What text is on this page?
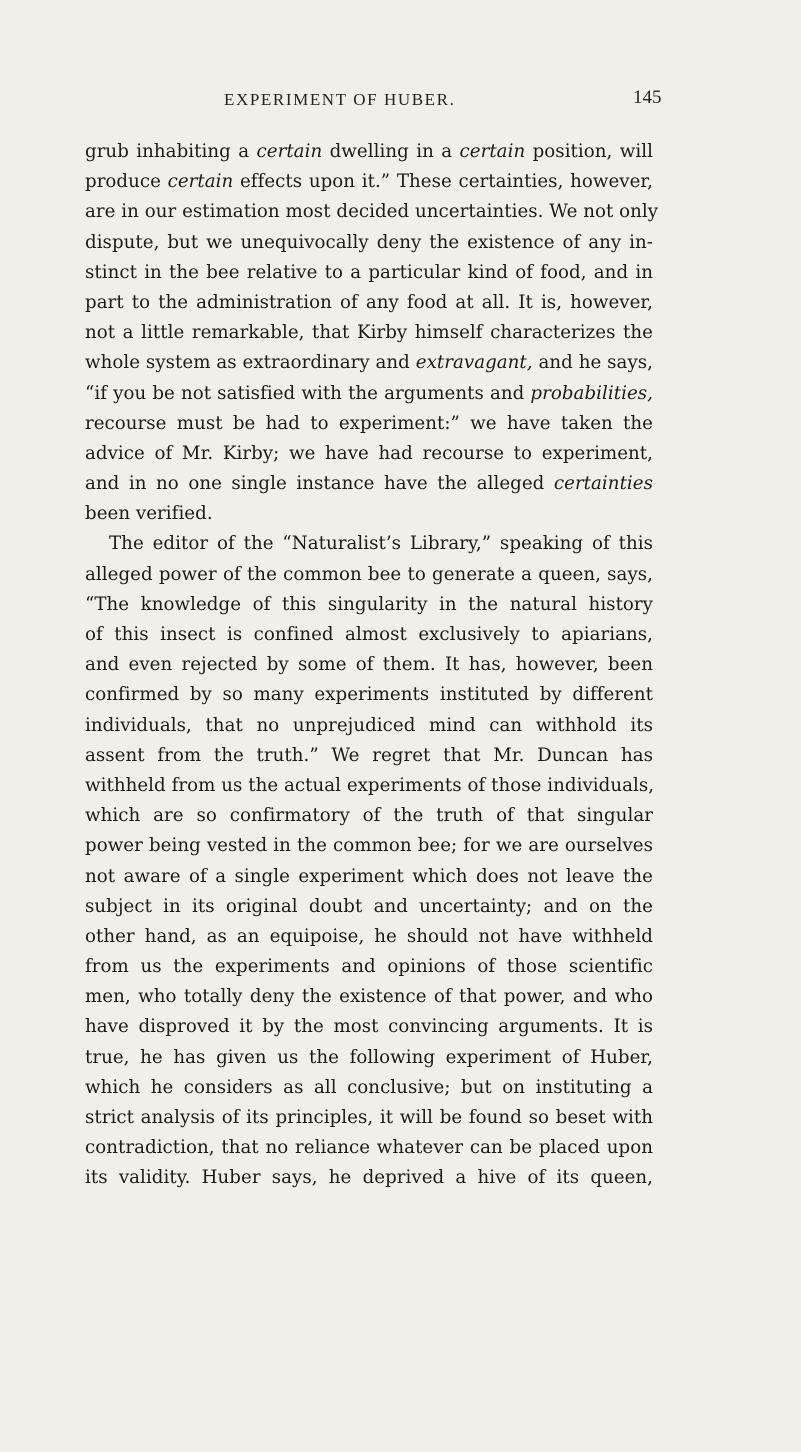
EXPERIMENT OF HUBER.	145
grub inhabiting a certain dwelling in a certain position, will
produce certain effects upon it.” These certainties, however,
are in our estimation most decided uncertainties. We not only
dispute, but we unequivocally deny the existence of any in-
stinct in the bee relative to a particular kind of food, and in
part to the administration of any food at all. It is, however,
not a little remarkable, that Kirby himself characterizes the
whole system as extraordinary and extravagant, and he says,
“if you be not satisfied with the arguments and probabilities,
recourse must be had to experiment:” we have taken the
advice of Mr. Kirby; we have had recourse to experiment,
and in no one single instance have the alleged certainties
been verified.
The editor of the “Naturalist’s Library,” speaking of this
alleged power of the common bee to generate a queen, says,
“The knowledge of this singularity in the natural history
of this insect is confined almost exclusively to apiarians,
and even rejected by some of them. It has, however, been
confirmed by so many experiments instituted by different
individuals, that no unprejudiced mind can withhold its
assent from the truth.” We regret that Mr. Duncan has
withheld from us the actual experiments of those individuals,
which are so confirmatory of the truth of that singular
power being vested in the common bee; for we are ourselves
not aware of a single experiment which does not leave the
subject in its original doubt and uncertainty; and on the
other hand, as an equipoise, he should not have withheld
from us the experiments and opinions of those scientific
men, who totally deny the existence of that power, and who
have disproved it by the most convincing arguments. It is
true, he has given us the following experiment of Huber,
which he considers as all conclusive; but on instituting a
strict analysis of its principles, it will be found so beset with
contradiction, that no reliance whatever can be placed upon
its validity. Huber says, he deprived a hive of its queen,
